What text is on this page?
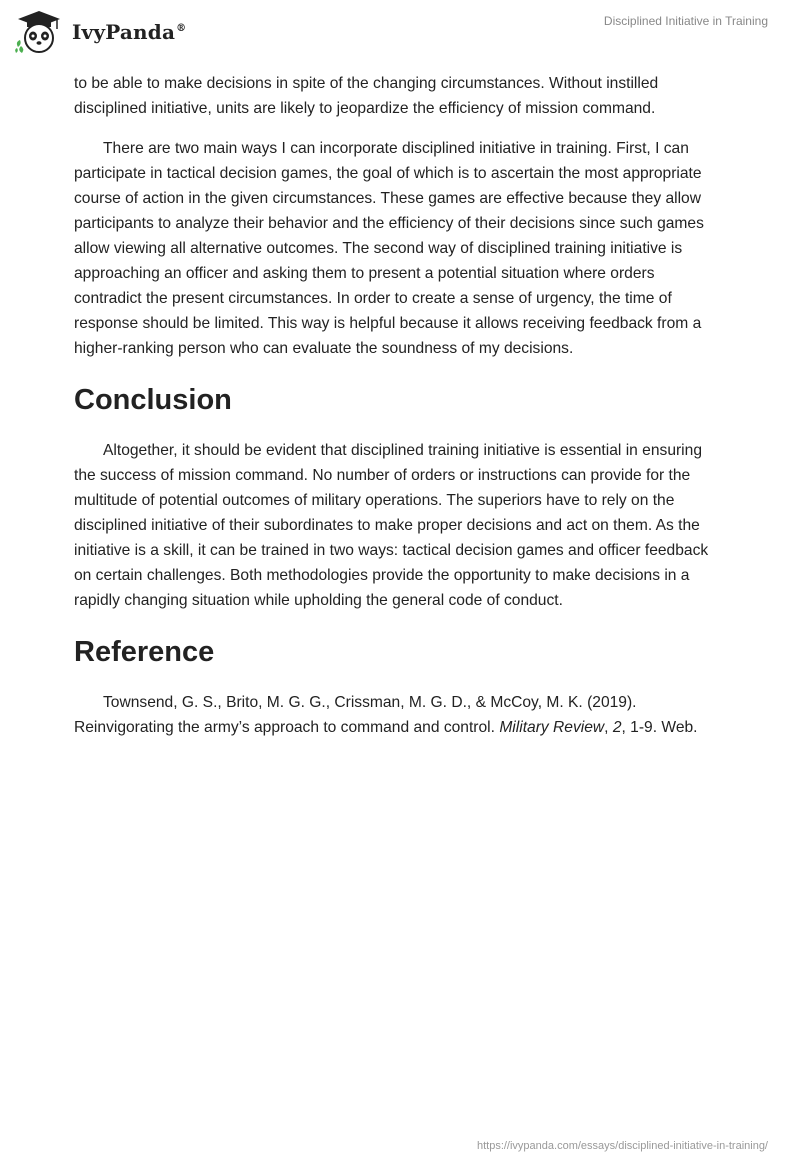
IvyPanda®
Disciplined Initiative in Training

to be able to make decisions in spite of the changing circumstances. Without instilled disciplined initiative, units are likely to jeopardize the efficiency of mission command.

There are two main ways I can incorporate disciplined initiative in training. First, I can participate in tactical decision games, the goal of which is to ascertain the most appropriate course of action in the given circumstances. These games are effective because they allow participants to analyze their behavior and the efficiency of their decisions since such games allow viewing all alternative outcomes. The second way of disciplined training initiative is approaching an officer and asking them to present a potential situation where orders contradict the present circumstances. In order to create a sense of urgency, the time of response should be limited. This way is helpful because it allows receiving feedback from a higher-ranking person who can evaluate the soundness of my decisions.

Conclusion

Altogether, it should be evident that disciplined training initiative is essential in ensuring the success of mission command. No number of orders or instructions can provide for the multitude of potential outcomes of military operations. The superiors have to rely on the disciplined initiative of their subordinates to make proper decisions and act on them. As the initiative is a skill, it can be trained in two ways: tactical decision games and officer feedback on certain challenges. Both methodologies provide the opportunity to make decisions in a rapidly changing situation while upholding the general code of conduct.

Reference

Townsend, G. S., Brito, M. G. G., Crissman, M. G. D., & McCoy, M. K. (2019). Reinvigorating the army’s approach to command and control. Military Review, 2, 1-9. Web.

https://ivypanda.com/essays/disciplined-initiative-in-training/
